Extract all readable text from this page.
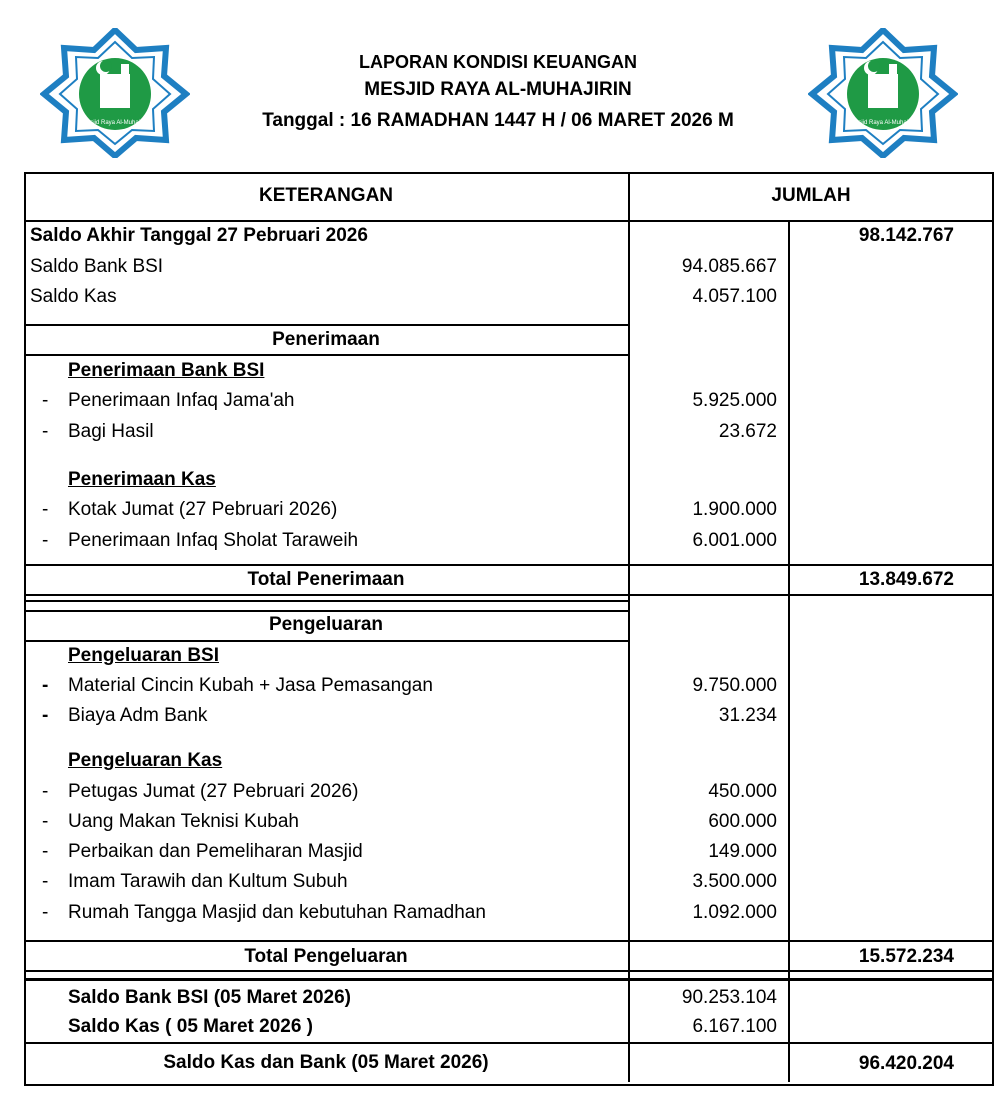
Masjid Raya Al-Muhajirin
LAPORAN KONDISI KEUANGAN
MESJID RAYA AL-MUHAJIRIN
Tanggal : 16 RAMADHAN 1447 H / 06 MARET 2026 M	Masjid Raya Al-Muhajirin
KETERANGAN	JUMLAH
Saldo Akhir Tanggal 27 Pebruari 2026	98.142.767
Saldo Bank BSI	94.085.667
Saldo Kas	4.057.100
Penerimaan
Penerimaan Bank BSI
- Penerimaan Infaq Jama'ah	5.925.000
- Bagi Hasil	23.672
Penerimaan Kas
- Kotak Jumat (27 Pebruari 2026)	1.900.000
- Penerimaan Infaq Sholat Taraweih	6.001.000
Total Penerimaan	13.849.672
Pengeluaran
Pengeluaran BSI
- Material Cincin Kubah + Jasa Pemasangan	9.750.000
- Biaya Adm Bank	31.234
Pengeluaran Kas
- Petugas Jumat (27 Pebruari 2026)	450.000
- Uang Makan Teknisi Kubah	600.000
- Perbaikan dan Pemeliharan Masjid	149.000
- Imam Tarawih dan Kultum Subuh	3.500.000
- Rumah Tangga Masjid dan kebutuhan Ramadhan	1.092.000
Total Pengeluaran	15.572.234
Saldo Bank BSI (05 Maret 2026)	90.253.104
Saldo Kas ( 05 Maret 2026 )	6.167.100
Saldo Kas dan Bank (05 Maret 2026)	96.420.204
